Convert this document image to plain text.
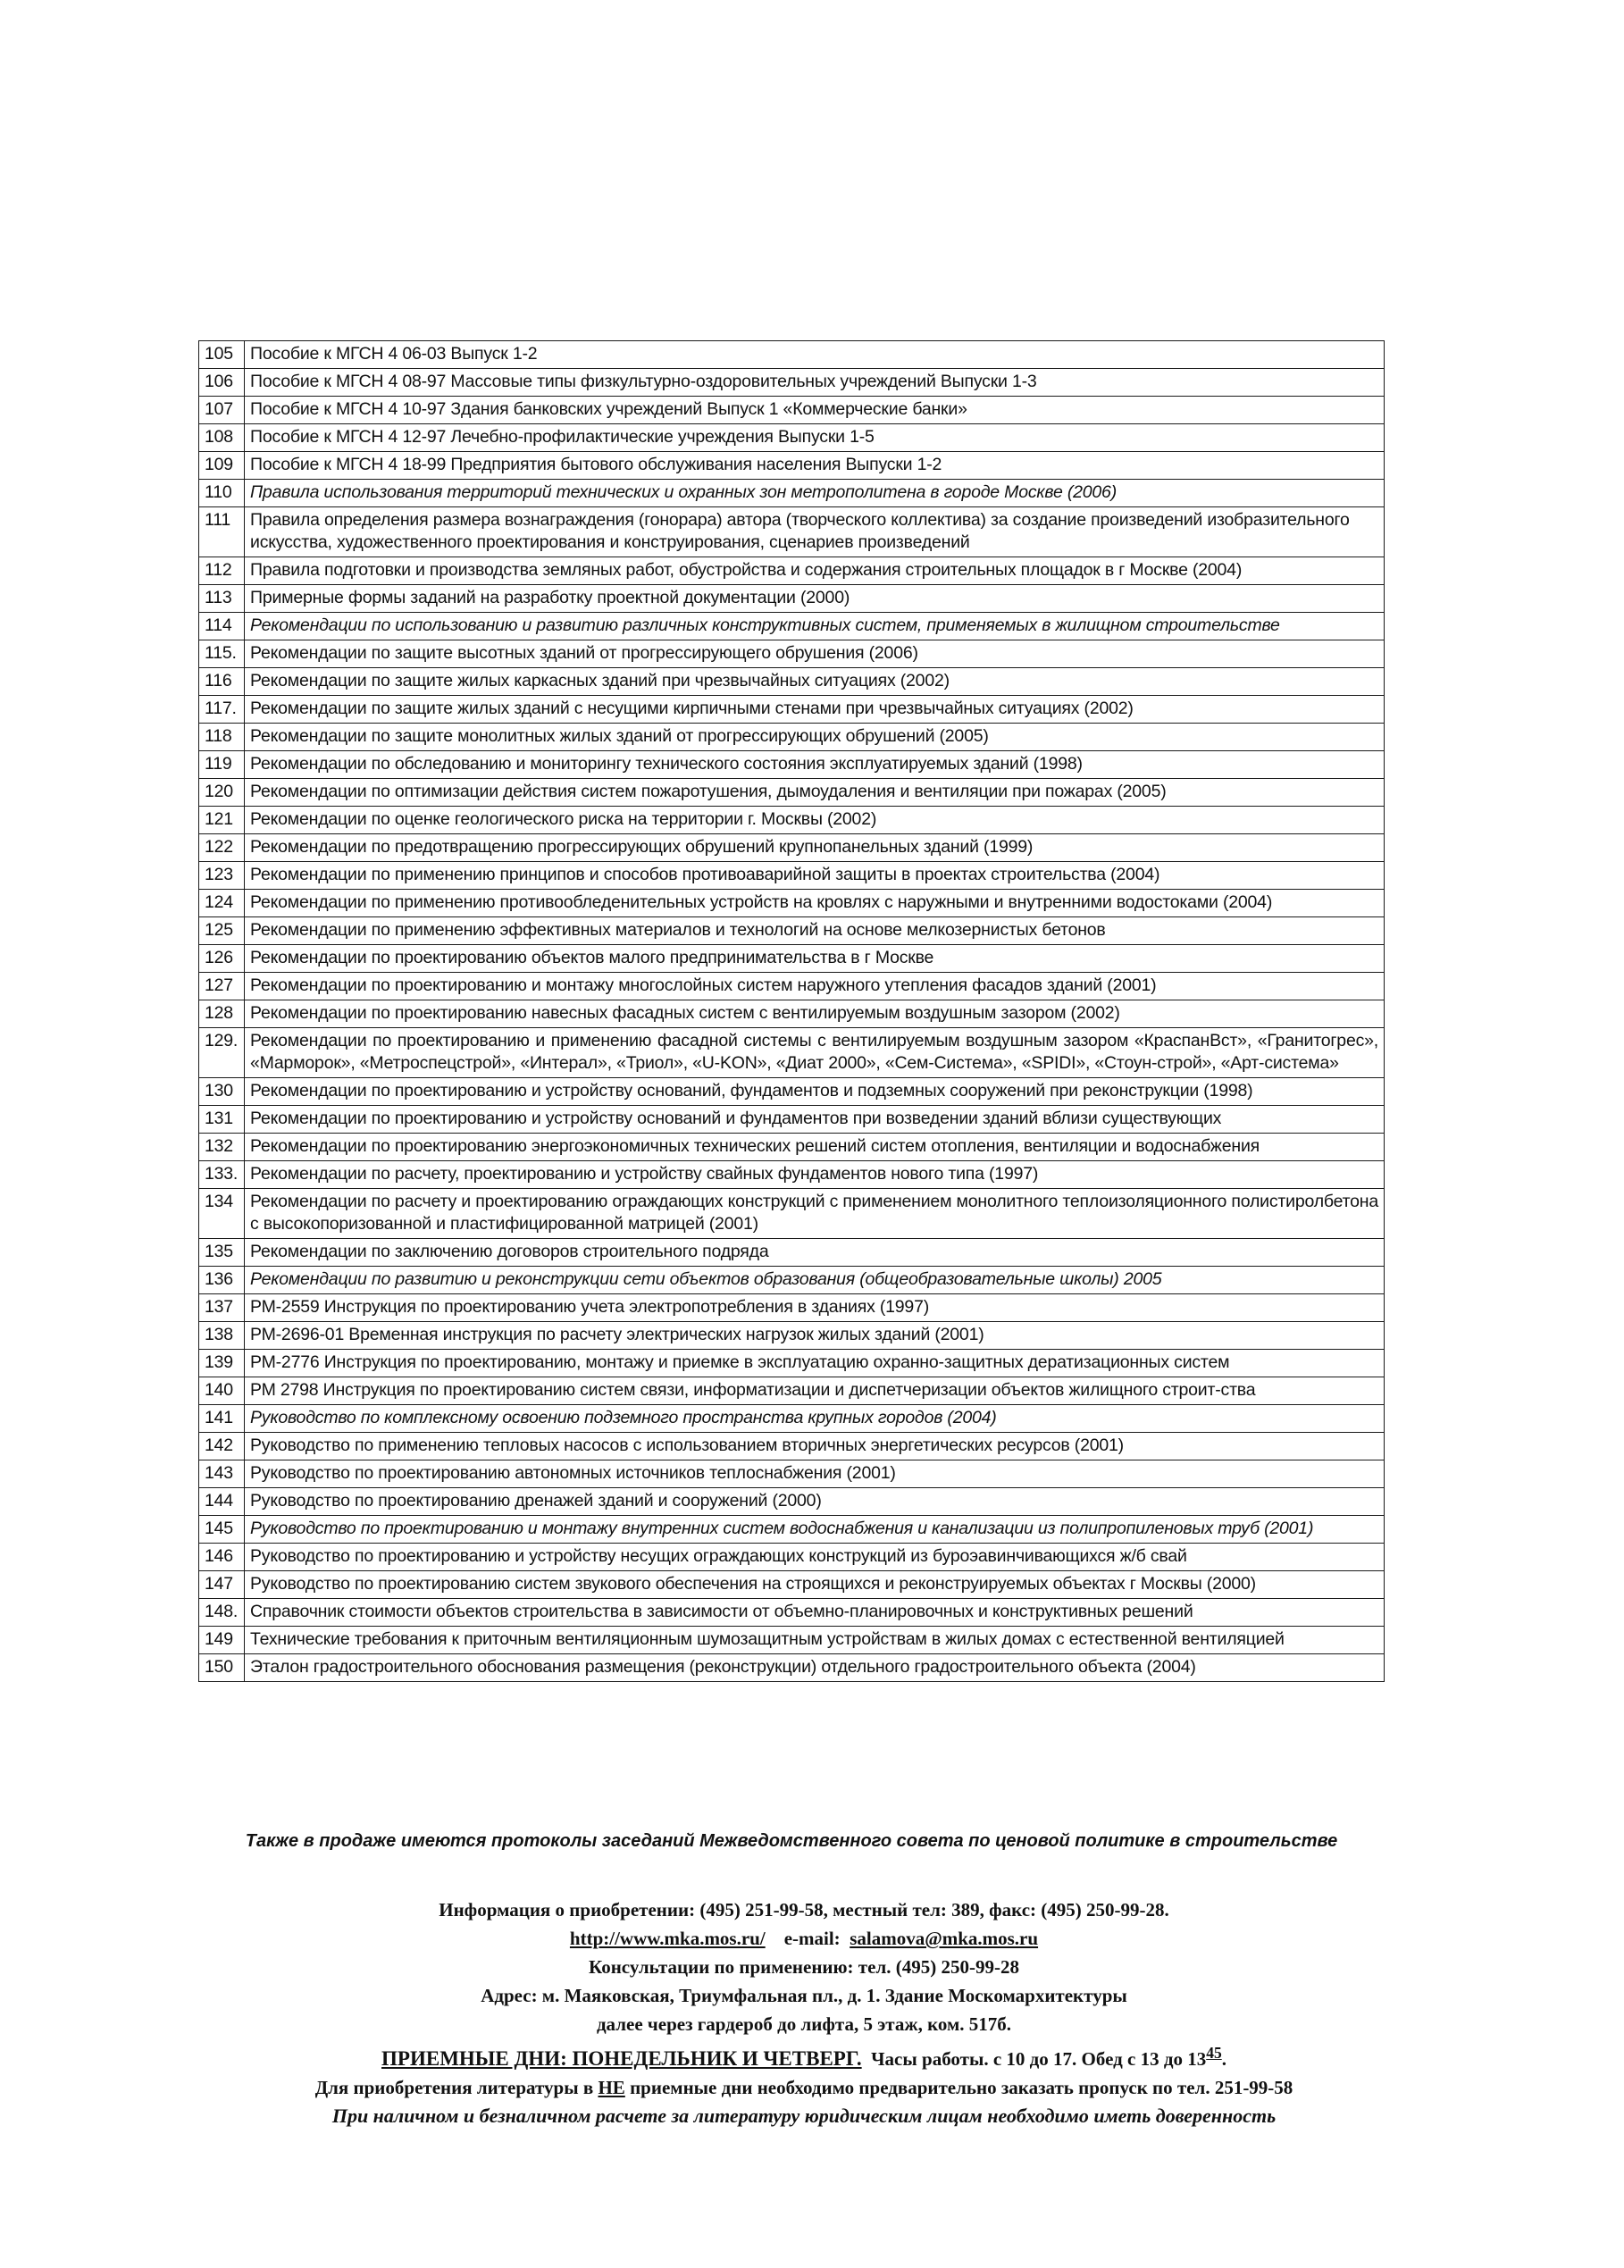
105	Пособие к МГСН 4 06-03 Выпуск 1-2
106	Пособие к МГСН 4 08-97 Массовые типы физкультурно-оздоровительных учреждений Выпуски 1-3
107	Пособие к МГСН 4 10-97 Здания банковских учреждений Выпуск 1 «Коммерческие банки»
108	Пособие к МГСН 4 12-97 Лечебно-профилактические учреждения Выпуски 1-5
109	Пособие к МГСН 4 18-99 Предприятия бытового обслуживания населения Выпуски 1-2
110	Правила использования территорий технических и охранных зон метрополитена в городе Москве (2006)
111	Правила определения размера вознаграждения (гонорара) автора (творческого коллектива) за создание произведений изобразительного искусства, художественного проектирования и конструирования, сценариев произведений
112	Правила подготовки и производства земляных работ, обустройства и содержания строительных площадок в г Москве (2004)
113	Примерные формы заданий на разработку проектной документации (2000)
114	Рекомендации по использованию и развитию различных конструктивных систем, применяемых в жилищном строительстве
115.	Рекомендации по защите высотных зданий от прогрессирующего обрушения (2006)
116	Рекомендации по защите жилых каркасных зданий при чрезвычайных ситуациях (2002)
117.	Рекомендации по защите жилых зданий с несущими кирпичными стенами при чрезвычайных ситуациях (2002)
118	Рекомендации по защите монолитных жилых зданий от прогрессирующих обрушений (2005)
119	Рекомендации по обследованию и мониторингу технического состояния эксплуатируемых зданий (1998)
120	Рекомендации по оптимизации действия систем пожаротушения, дымоудаления и вентиляции при пожарах (2005)
121	Рекомендации по оценке геологического риска на территории г. Москвы (2002)
122	Рекомендации по предотвращению прогрессирующих обрушений крупнопанельных зданий (1999)
123	Рекомендации по применению принципов и способов противоаварийной защиты в проектах строительства (2004)
124	Рекомендации по применению противообледенительных устройств на кровлях с наружными и внутренними водостоками (2004)
125	Рекомендации по применению эффективных материалов и технологий на основе мелкозернистых бетонов
126	Рекомендации по проектированию объектов малого предпринимательства в г Москве
127	Рекомендации по проектированию и монтажу многослойных систем наружного утепления фасадов зданий (2001)
128	Рекомендации по проектированию навесных фасадных систем с вентилируемым воздушным зазором (2002)
129.	Рекомендации по проектированию и применению фасадной системы с вентилируемым воздушным зазором «КраспанВст», «Гранитогрес», «Марморок», «Метроспецстрой», «Интерал», «Триол», «U-KON», «Диат 2000», «Сем-Система», «SPIDI», «Стоун-строй», «Арт-система»
130	Рекомендации по проектированию и устройству оснований, фундаментов и подземных сооружений при реконструкции (1998)
131	Рекомендации по проектированию и устройству оснований и фундаментов при возведении зданий вблизи существующих
132	Рекомендации по проектированию энергоэкономичных технических решений систем отопления, вентиляции и водоснабжения
133.	Рекомендации по расчету, проектированию и устройству свайных фундаментов нового типа (1997)
134	Рекомендации по расчету и проектированию ограждающих конструкций с применением монолитного теплоизоляционного полистиролбетона с высокопоризованной и пластифицированной матрицей (2001)
135	Рекомендации по заключению договоров строительного подряда
136	Рекомендации по развитию и реконструкции сети объектов образования (общеобразовательные школы) 2005
137	РМ-2559 Инструкция по проектированию учета электропотребления в зданиях (1997)
138	РМ-2696-01 Временная инструкция по расчету электрических нагрузок жилых зданий (2001)
139	РМ-2776 Инструкция по проектированию, монтажу и приемке в эксплуатацию охранно-защитных дератизационных систем
140	РМ 2798 Инструкция по проектированию систем связи, информатизации и диспетчеризации объектов жилищного строит-ства
141	Руководство по комплексному освоению подземного пространства крупных городов (2004)
142	Руководство по применению тепловых насосов с использованием вторичных энергетических ресурсов (2001)
143	Руководство по проектированию автономных источников теплоснабжения (2001)
144	Руководство по проектированию дренажей зданий и сооружений (2000)
145	Руководство по проектированию и монтажу внутренних систем водоснабжения и канализации из полипропиленовых труб (2001)
146	Руководство по проектированию и устройству несущих ограждающих конструкций из буроэавинчивающихся ж/б свай
147	Руководство по проектированию систем звукового обеспечения на строящихся и реконструируемых объектах г Москвы (2000)
148.	Справочник стоимости объектов строительства в зависимости от объемно-планировочных и конструктивных решений
149	Технические требования к приточным вентиляционным шумозащитным устройствам в жилых домах с естественной вентиляцией
150	Эталон градостроительного обоснования размещения (реконструкции) отдельного градостроительного объекта (2004)
Также в продаже имеются протоколы заседаний Межведомственного совета по ценовой политике в строительстве
Информация о приобретении: (495) 251-99-58, местный тел: 389, факс: (495) 250-99-28.
http://www.mka.mos.ru/ e-mail: salamova@mka.mos.ru
Консультации по применению: тел. (495) 250-99-28
Адрес: м. Маяковская, Триумфальная пл., д. 1. Здание Москомархитектуры
далее через гардероб до лифта, 5 этаж, ком. 517б.
ПРИЕМНЫЕ ДНИ: ПОНЕДЕЛЬНИК И ЧЕТВЕРГ. Часы работы. с 10 до 17. Обед с 13 до $13^{45}$.
Для приобретения литературы в НЕ приемные дни необходимо предварительно заказать пропуск по тел. 251-99-58
При наличном и безналичном расчете за литературу юридическим лицам необходимо иметь доверенность
